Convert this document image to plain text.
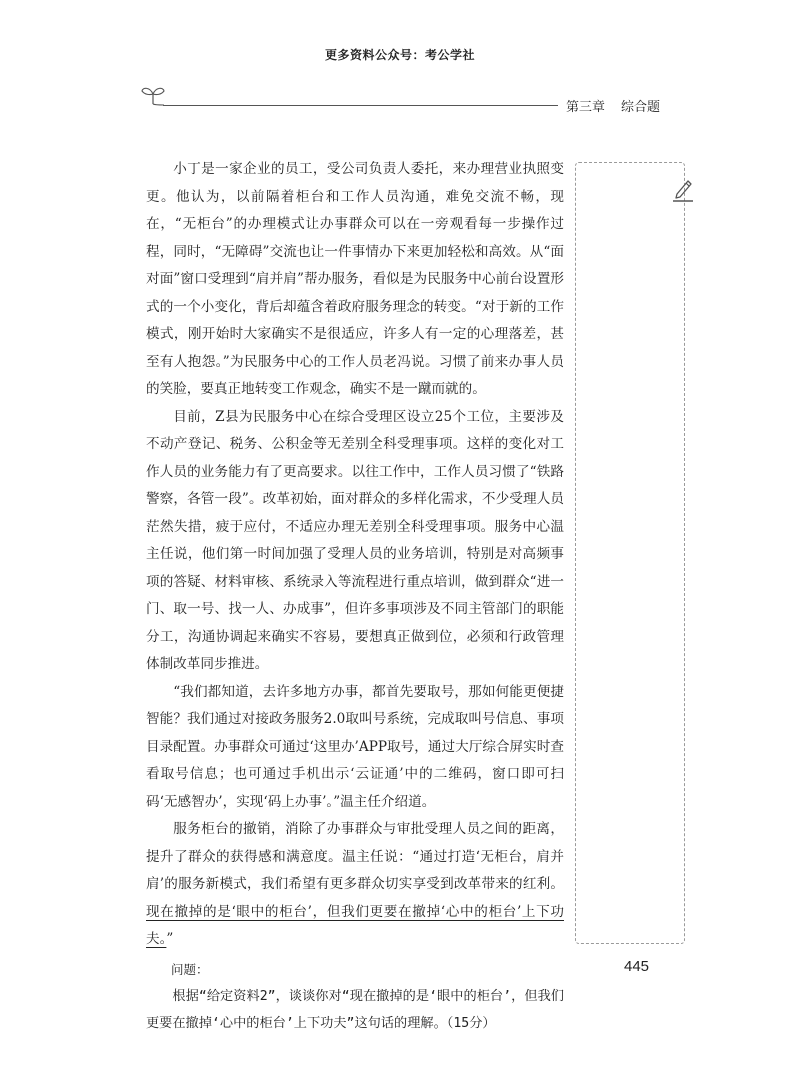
更多资料公众号：考公学社
第三章 综合题

小丁是一家企业的员工，受公司负责人委托，来办理营业执照变更。他认为，以前隔着柜台和工作人员沟通，难免交流不畅，现在，“无柜台”的办理模式让办事群众可以在一旁观看每一步操作过程，同时，“无障碍”交流也让一件事情办下来更加轻松和高效。从“面对面”窗口受理到“肩并肩”帮办服务，看似是为民服务中心前台设置形式的一个小变化，背后却蕴含着政府服务理念的转变。“对于新的工作模式，刚开始时大家确实不是很适应，许多人有一定的心理落差，甚至有人抱怨。”为民服务中心的工作人员老冯说。习惯了前来办事人员的笑脸，要真正地转变工作观念，确实不是一蹴而就的。

目前，Z县为民服务中心在综合受理区设立25个工位，主要涉及不动产登记、税务、公积金等无差别全科受理事项。这样的变化对工作人员的业务能力有了更高要求。以往工作中，工作人员习惯了“铁路警察，各管一段”。改革初始，面对群众的多样化需求，不少受理人员茫然失措，疲于应付，不适应办理无差别全科受理事项。服务中心温主任说，他们第一时间加强了受理人员的业务培训，特别是对高频事项的答疑、材料审核、系统录入等流程进行重点培训，做到群众“进一门、取一号、找一人、办成事”，但许多事项涉及不同主管部门的职能分工，沟通协调起来确实不容易，要想真正做到位，必须和行政管理体制改革同步推进。

“我们都知道，去许多地方办事，都首先要取号，那如何能更便捷智能？我们通过对接政务服务2.0取叫号系统，完成取叫号信息、事项目录配置。办事群众可通过‘这里办’APP取号，通过大厅综合屏实时查看取号信息；也可通过手机出示‘云证通’中的二维码，窗口即可扫码‘无感智办’，实现‘码上办事’。”温主任介绍道。

服务柜台的撤销，消除了办事群众与审批受理人员之间的距离，提升了群众的获得感和满意度。温主任说：“通过打造‘无柜台，肩并肩’的服务新模式，我们希望有更多群众切实享受到改革带来的红利。现在撤掉的是‘眼中的柜台’，但我们更要在撤掉‘心中的柜台’上下功夫。”

问题：
根据“给定资料2”，谈谈你对“现在撤掉的是‘眼中的柜台’，但我们更要在撤掉‘心中的柜台’上下功夫”这句话的理解。（15分）
445
